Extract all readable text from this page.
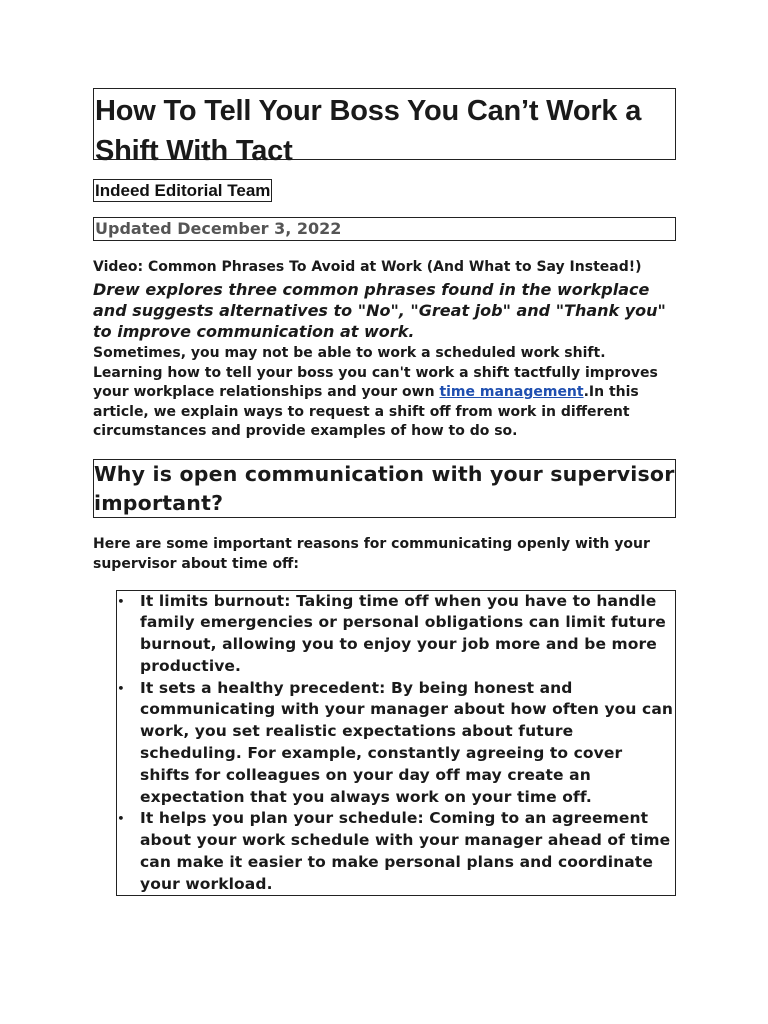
How To Tell Your Boss You Can’t Work a Shift With Tact
Indeed Editorial Team
Updated December 3, 2022
Video: Common Phrases To Avoid at Work (And What to Say Instead!)
Drew explores three common phrases found in the workplace and suggests alternatives to "No", "Great job" and "Thank you" to improve communication at work.
Sometimes, you may not be able to work a scheduled work shift. Learning how to tell your boss you can't work a shift tactfully improves your workplace relationships and your own time management.In this article, we explain ways to request a shift off from work in different circumstances and provide examples of how to do so.
Why is open communication with your supervisor important?
Here are some important reasons for communicating openly with your supervisor about time off:
• It limits burnout: Taking time off when you have to handle family emergencies or personal obligations can limit future burnout, allowing you to enjoy your job more and be more productive.
• It sets a healthy precedent: By being honest and communicating with your manager about how often you can work, you set realistic expectations about future scheduling. For example, constantly agreeing to cover shifts for colleagues on your day off may create an expectation that you always work on your time off.
• It helps you plan your schedule: Coming to an agreement about your work schedule with your manager ahead of time can make it easier to make personal plans and coordinate your workload.
